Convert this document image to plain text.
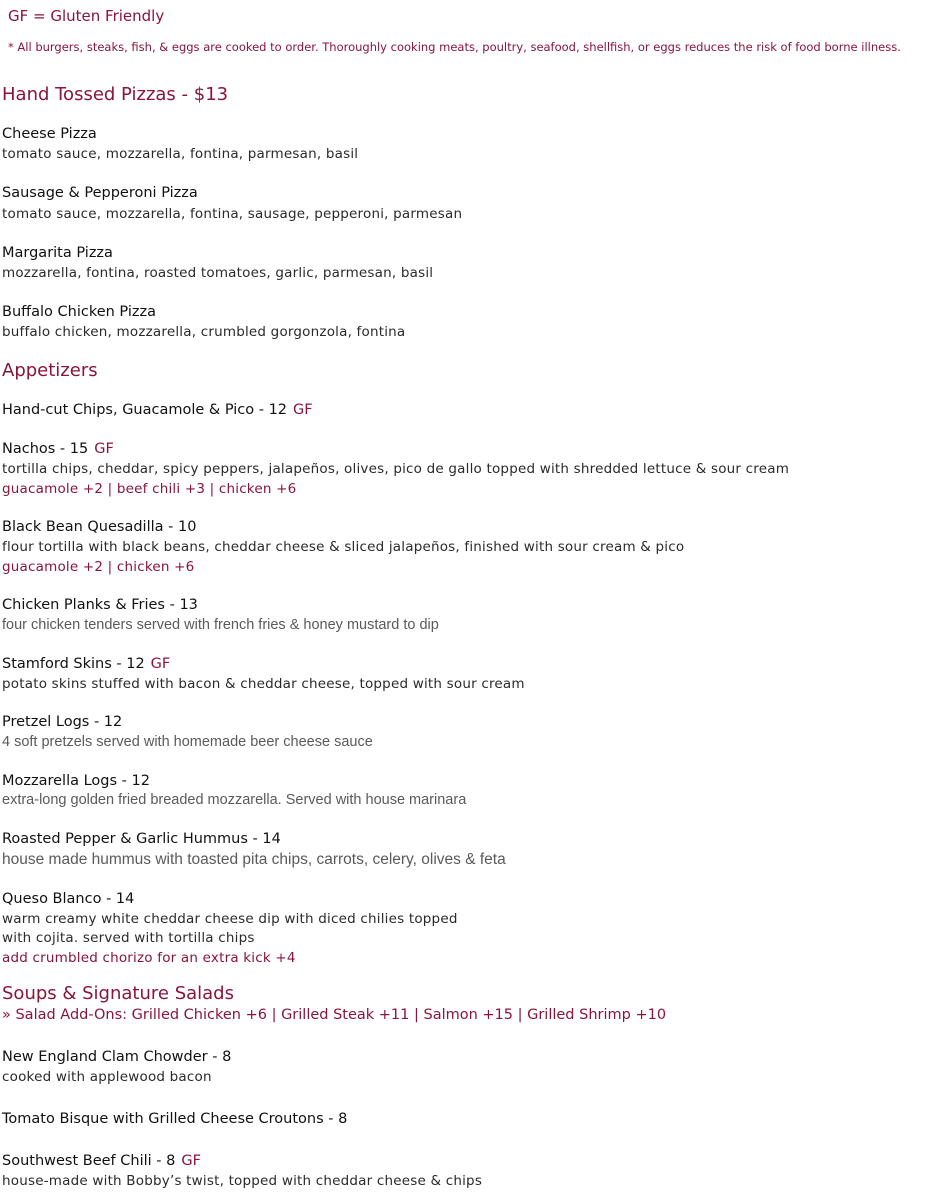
GF = Gluten Friendly
* All burgers, steaks, fish, & eggs are cooked to order. Thoroughly cooking meats, poultry, seafood, shellfish, or eggs reduces the risk of food borne illness.
Hand Tossed Pizzas - $13
Cheese Pizza
tomato sauce, mozzarella, fontina, parmesan, basil
Sausage & Pepperoni Pizza
tomato sauce, mozzarella, fontina, sausage, pepperoni, parmesan
Margarita Pizza
mozzarella, fontina, roasted tomatoes, garlic, parmesan, basil
Buffalo Chicken Pizza
buffalo chicken, mozzarella, crumbled gorgonzola, fontina
Appetizers
Hand-cut Chips, Guacamole & Pico - 12 GF
Nachos - 15 GF
tortilla chips, cheddar, spicy peppers, jalapeños, olives, pico de gallo topped with shredded lettuce & sour cream
guacamole +2 | beef chili +3 | chicken +6
Black Bean Quesadilla - 10
flour tortilla with black beans, cheddar cheese & sliced jalapeños, finished with sour cream & pico
guacamole +2 | chicken +6
Chicken Planks & Fries - 13
four chicken tenders served with french fries & honey mustard to dip
Stamford Skins - 12 GF
potato skins stuffed with bacon & cheddar cheese, topped with sour cream
Pretzel Logs - 12
4 soft pretzels served with homemade beer cheese sauce
Mozzarella Logs - 12
extra-long golden fried breaded mozzarella. Served with house marinara
Roasted Pepper & Garlic Hummus - 14
house made hummus with toasted pita chips, carrots, celery, olives & feta
Queso Blanco - 14
warm creamy white cheddar cheese dip with diced chilies topped
with cojita. served with tortilla chips
add crumbled chorizo for an extra kick +4
Soups & Signature Salads
» Salad Add-Ons: Grilled Chicken +6 | Grilled Steak +11 | Salmon +15 | Grilled Shrimp +10
New England Clam Chowder - 8
cooked with applewood bacon
Tomato Bisque with Grilled Cheese Croutons - 8
Southwest Beef Chili - 8 GF
house-made with Bobby’s twist, topped with cheddar cheese & chips
